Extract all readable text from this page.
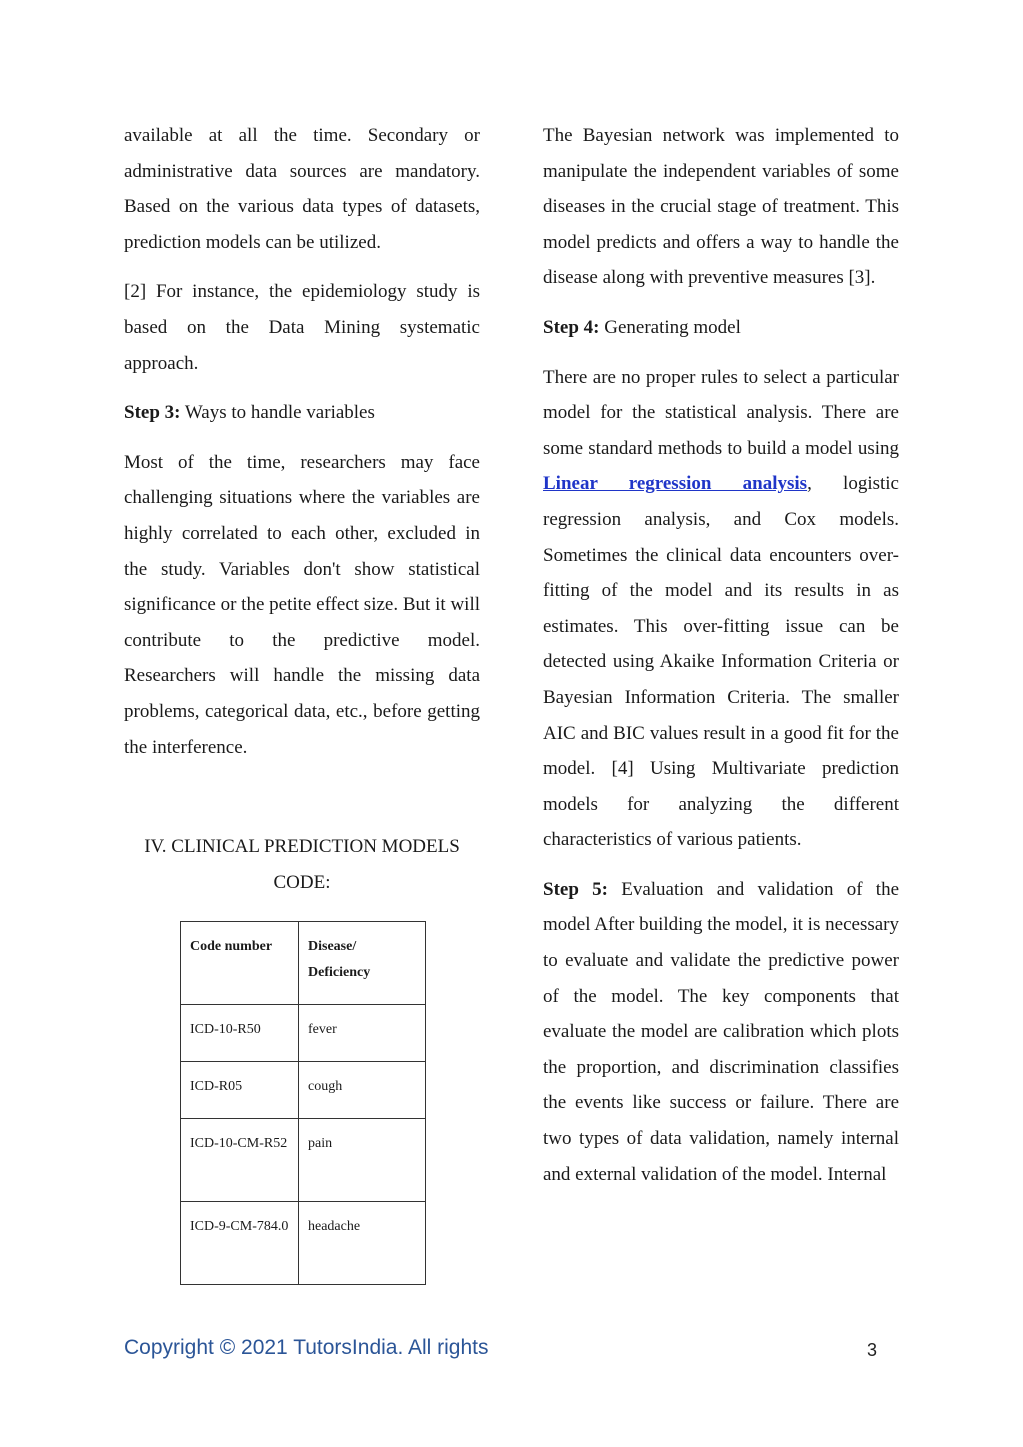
available at all the time. Secondary or administrative data sources are mandatory. Based on the various data types of datasets, prediction models can be utilized.

[2] For instance, the epidemiology study is based on the Data Mining systematic approach.

Step 3: Ways to handle variables

Most of the time, researchers may face challenging situations where the variables are highly correlated to each other, excluded in the study. Variables don't show statistical significance or the petite effect size. But it will contribute to the predictive model. Researchers will handle the missing data problems, categorical data, etc., before getting the interference.

IV. CLINICAL PREDICTION MODELS
CODE:
Code number	Disease/ Deficiency
ICD-10-R50	fever
ICD-R05	cough
ICD-10-CM-R52	pain
ICD-9-CM-784.0	headache

The Bayesian network was implemented to manipulate the independent variables of some diseases in the crucial stage of treatment. This model predicts and offers a way to handle the disease along with preventive measures [3].

Step 4: Generating model

There are no proper rules to select a particular model for the statistical analysis. There are some standard methods to build a model using Linear regression analysis, logistic regression analysis, and Cox models. Sometimes the clinical data encounters over-fitting of the model and its results in as estimates. This over-fitting issue can be detected using Akaike Information Criteria or Bayesian Information Criteria. The smaller AIC and BIC values result in a good fit for the model. [4] Using Multivariate prediction models for analyzing the different characteristics of various patients.

Step 5: Evaluation and validation of the model After building the model, it is necessary to evaluate and validate the predictive power of the model. The key components that evaluate the model are calibration which plots the proportion, and discrimination classifies the events like success or failure. There are two types of data validation, namely internal and external validation of the model. Internal

Copyright © 2021 TutorsIndia. All rights	3
